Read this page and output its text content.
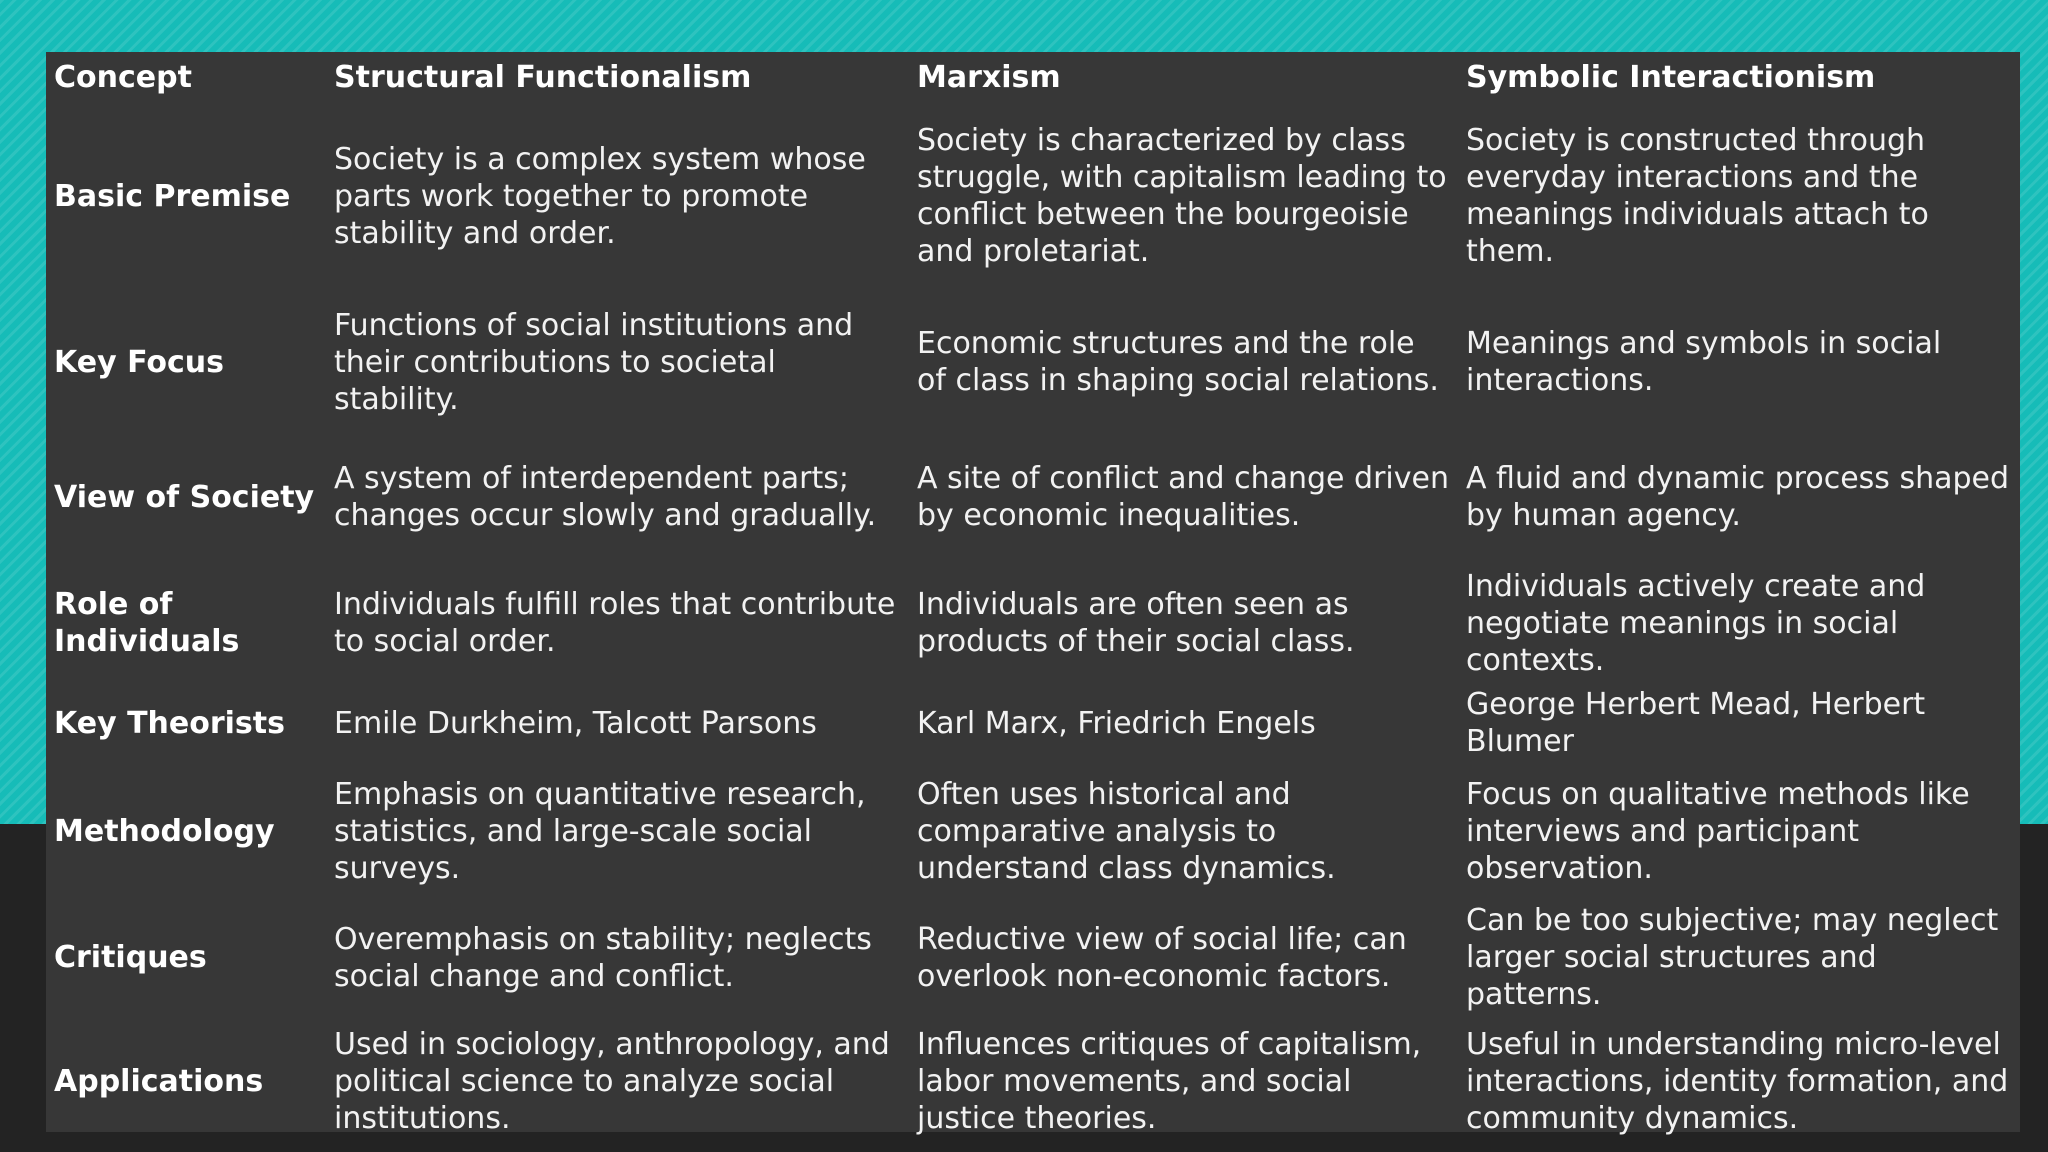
Concept	Structural Functionalism	Marxism	Symbolic Interactionism
Basic Premise	Society is a complex system whose parts work together to promote stability and order.	Society is characterized by class struggle, with capitalism leading to conflict between the bourgeoisie and proletariat.	Society is constructed through everyday interactions and the meanings individuals attach to them.
Key Focus	Functions of social institutions and their contributions to societal stability.	Economic structures and the role of class in shaping social relations.	Meanings and symbols in social interactions.
View of Society	A system of interdependent parts; changes occur slowly and gradually.	A site of conflict and change driven by economic inequalities.	A fluid and dynamic process shaped by human agency.
Role of Individuals	Individuals fulfill roles that contribute to social order.	Individuals are often seen as products of their social class.	Individuals actively create and negotiate meanings in social contexts.
Key Theorists	Emile Durkheim, Talcott Parsons	Karl Marx, Friedrich Engels	George Herbert Mead, Herbert Blumer
Methodology	Emphasis on quantitative research, statistics, and large-scale social surveys.	Often uses historical and comparative analysis to understand class dynamics.	Focus on qualitative methods like interviews and participant observation.
Critiques	Overemphasis on stability; neglects social change and conflict.	Reductive view of social life; can overlook non-economic factors.	Can be too subjective; may neglect larger social structures and patterns.
Applications	Used in sociology, anthropology, and political science to analyze social institutions.	Influences critiques of capitalism, labor movements, and social justice theories.	Useful in understanding micro-level interactions, identity formation, and community dynamics.
